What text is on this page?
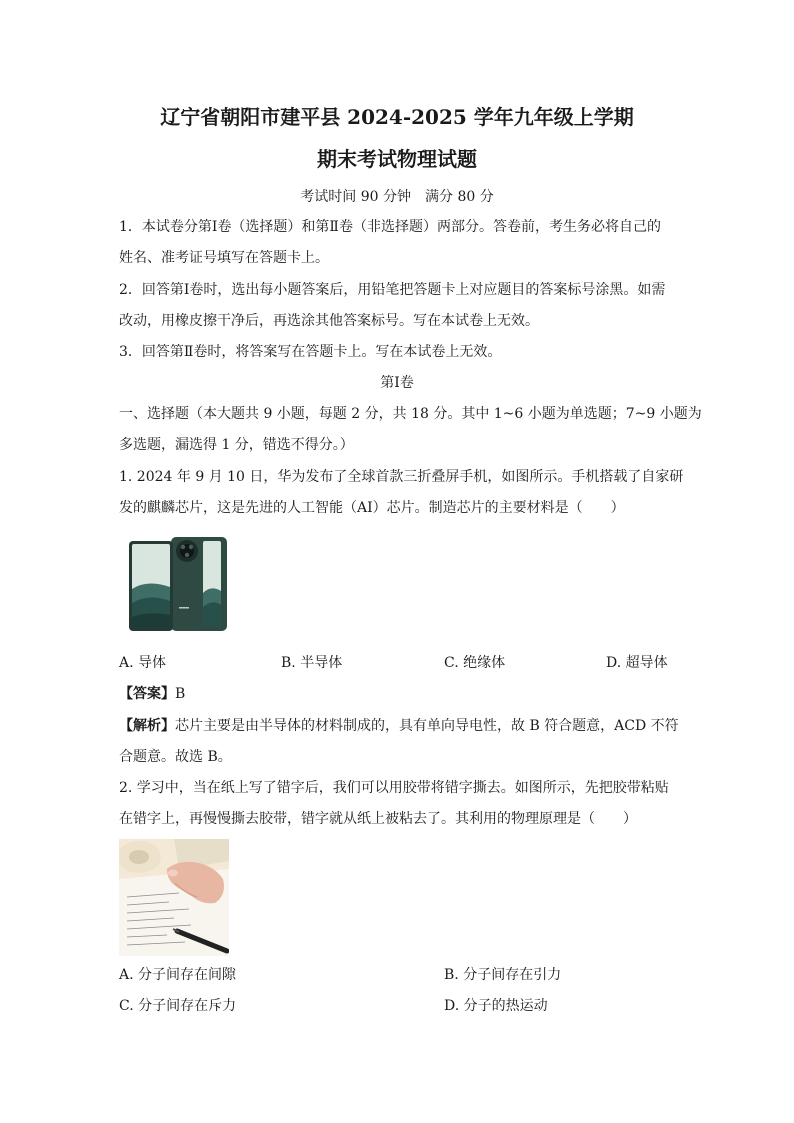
辽宁省朝阳市建平县 2024-2025 学年九年级上学期
期末考试物理试题
考试时间 90 分钟　满分 80 分
1．本试卷分第Ⅰ卷（选择题）和第Ⅱ卷（非选择题）两部分。答卷前，考生务必将自己的
姓名、准考证号填写在答题卡上。
2．回答第Ⅰ卷时，选出每小题答案后，用铅笔把答题卡上对应题目的答案标号涂黑。如需
改动，用橡皮擦干净后，再选涂其他答案标号。写在本试卷上无效。
3．回答第Ⅱ卷时，将答案写在答题卡上。写在本试卷上无效。
第Ⅰ卷
一、选择题（本大题共 9 小题，每题 2 分，共 18 分。其中 1~6 小题为单选题；7~9 小题为
多选题，漏选得 1 分，错选不得分。）
1. 2024 年 9 月 10 日，华为发布了全球首款三折叠屏手机，如图所示。手机搭载了自家研
发的麒麟芯片，这是先进的人工智能（AI）芯片。制造芯片的主要材料是（　　）
A. 导体	B. 半导体	C. 绝缘体	D. 超导体
【答案】B
【解析】芯片主要是由半导体的材料制成的，具有单向导电性，故 B 符合题意，ACD 不符
合题意。故选 B。
2. 学习中，当在纸上写了错字后，我们可以用胶带将错字撕去。如图所示，先把胶带粘贴
在错字上，再慢慢撕去胶带，错字就从纸上被粘去了。其利用的物理原理是（　　）
A. 分子间存在间隙	B. 分子间存在引力
C. 分子间存在斥力	D. 分子的热运动
